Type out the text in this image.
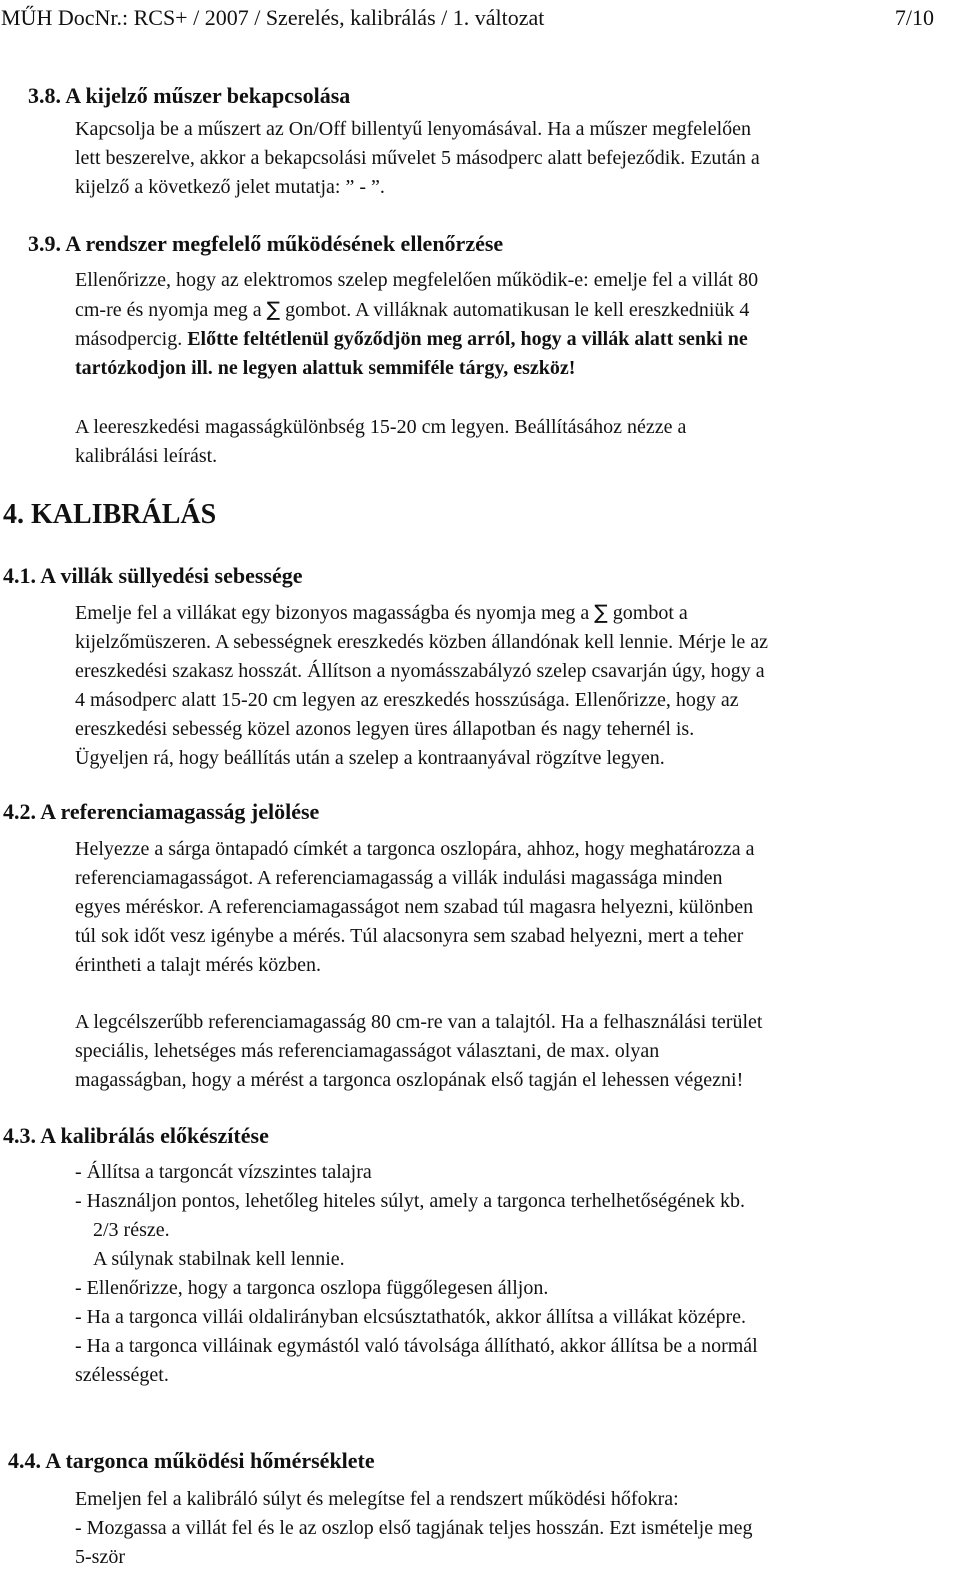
MŰH DocNr.: RCS+ / 2007 / Szerelés, kalibrálás / 1. változat	7/10
3.8. A kijelző műszer bekapcsolása
Kapcsolja be a műszert az On/Off billentyű lenyomásával. Ha a műszer megfelelően
lett beszerelve, akkor a bekapcsolási művelet 5 másodperc alatt befejeződik. Ezután a
kijelző a következő jelet mutatja: ” - ”.
3.9. A rendszer megfelelő működésének ellenőrzése
Ellenőrizze, hogy az elektromos szelep megfelelően működik-e: emelje fel a villát 80
cm-re és nyomja meg a ∑ gombot. A villáknak automatikusan le kell ereszkedniük 4
másodpercig. Előtte feltétlenül győződjön meg arról, hogy a villák alatt senki ne
tartózkodjon ill. ne legyen alattuk semmiféle tárgy, eszköz!
A leereszkedési magasságkülönbség 15-20 cm legyen. Beállításához nézze a
kalibrálási leírást.
4. KALIBRÁLÁS
4.1. A villák süllyedési sebessége
Emelje fel a villákat egy bizonyos magasságba és nyomja meg a ∑ gombot a
kijelzőmüszeren. A sebességnek ereszkedés közben állandónak kell lennie. Mérje le az
ereszkedési szakasz hosszát. Állítson a nyomásszabályzó szelep csavarján úgy, hogy a
4 másodperc alatt 15-20 cm legyen az ereszkedés hosszúsága. Ellenőrizze, hogy az
ereszkedési sebesség közel azonos legyen üres állapotban és nagy tehernél is.
Ügyeljen rá, hogy beállítás után a szelep a kontraanyával rögzítve legyen.
4.2. A referenciamagasság jelölése
Helyezze a sárga öntapadó címkét a targonca oszlopára, ahhoz, hogy meghatározza a
referenciamagasságot. A referenciamagasság a villák indulási magassága minden
egyes méréskor. A referenciamagasságot nem szabad túl magasra helyezni, különben
túl sok időt vesz igénybe a mérés. Túl alacsonyra sem szabad helyezni, mert a teher
érintheti a talajt mérés közben.
A legcélszerűbb referenciamagasság 80 cm-re van a talajtól. Ha a felhasználási terület
speciális, lehetséges más referenciamagasságot választani, de max. olyan
magasságban, hogy a mérést a targonca oszlopának első tagján el lehessen végezni!
4.3. A kalibrálás előkészítése
- Állítsa a targoncát vízszintes talajra
- Használjon pontos, lehetőleg hiteles súlyt, amely a targonca terhelhetőségének kb.
2/3 része.
A súlynak stabilnak kell lennie.
- Ellenőrizze, hogy a targonca oszlopa függőlegesen álljon.
- Ha a targonca villái oldalirányban elcsúsztathatók, akkor állítsa a villákat középre.
- Ha a targonca villáinak egymástól való távolsága állítható, akkor állítsa be a normál
szélességet.
4.4. A targonca működési hőmérséklete
Emeljen fel a kalibráló súlyt és melegítse fel a rendszert működési hőfokra:
- Mozgassa a villát fel és le az oszlop első tagjának teljes hosszán. Ezt ismételje meg
5-ször
